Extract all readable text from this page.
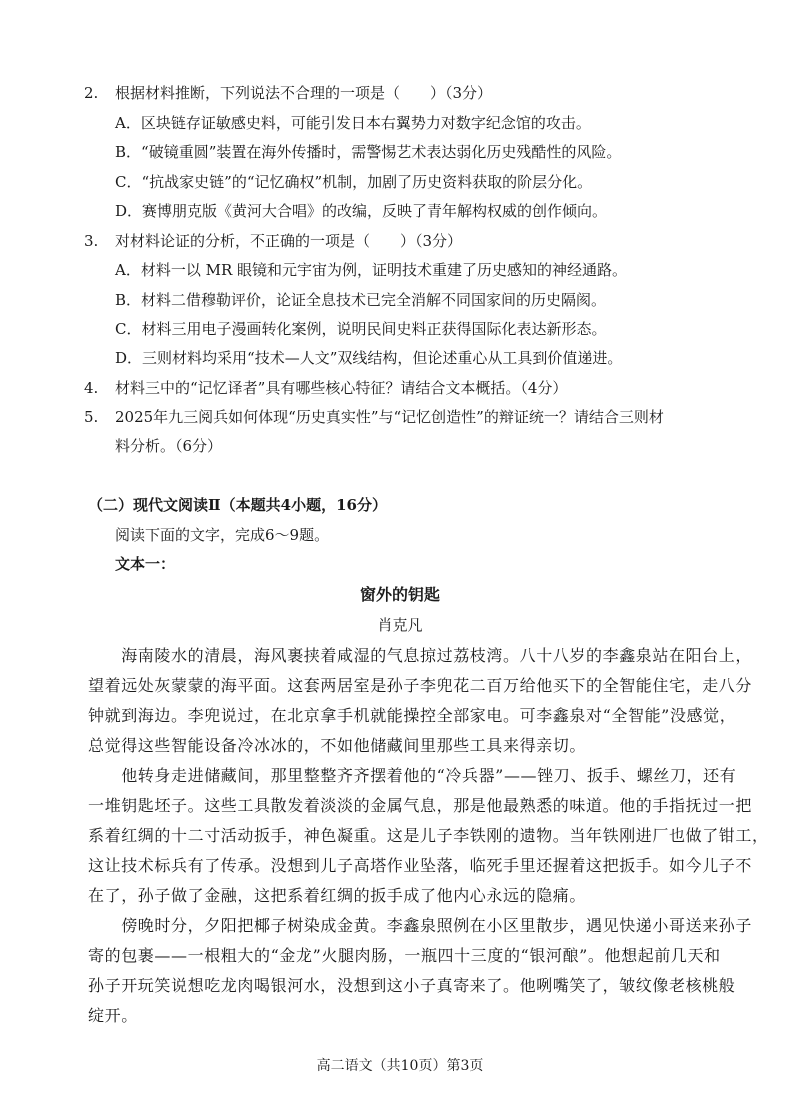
2. 根据材料推断，下列说法不合理的一项是（　　）（3分）
A．区块链存证敏感史料，可能引发日本右翼势力对数字纪念馆的攻击。
B．“破镜重圆”装置在海外传播时，需警惕艺术表达弱化历史残酷性的风险。
C．“抗战家史链”的“记忆确权”机制，加剧了历史资料获取的阶层分化。
D．赛博朋克版《黄河大合唱》的改编，反映了青年解构权威的创作倾向。
3. 对材料论证的分析，不正确的一项是（　　）（3分）
A．材料一以 MR 眼镜和元宇宙为例，证明技术重建了历史感知的神经通路。
B．材料二借穆勒评价，论证全息技术已完全消解不同国家间的历史隔阂。
C．材料三用电子漫画转化案例，说明民间史料正获得国际化表达新形态。
D．三则材料均采用“技术—人文”双线结构，但论述重心从工具到价值递进。
4. 材料三中的“记忆译者”具有哪些核心特征？请结合文本概括。（4分）
5. 2025年九三阅兵如何体现“历史真实性”与“记忆创造性”的辩证统一？请结合三则材
料分析。（6分）
（二）现代文阅读Ⅱ（本题共4小题，16分）
阅读下面的文字，完成6～9题。
文本一：
窗外的钥匙
肖克凡
　　海南陵水的清晨，海风裹挟着咸湿的气息掠过荔枝湾。八十八岁的李鑫泉站在阳台上，
望着远处灰蒙蒙的海平面。这套两居室是孙子李兜花二百万给他买下的全智能住宅，走八分
钟就到海边。李兜说过，在北京拿手机就能操控全部家电。可李鑫泉对“全智能”没感觉，
总觉得这些智能设备冷冰冰的，不如他储藏间里那些工具来得亲切。
　　他转身走进储藏间，那里整整齐齐摆着他的“冷兵器”——锉刀、扳手、螺丝刀，还有
一堆钥匙坯子。这些工具散发着淡淡的金属气息，那是他最熟悉的味道。他的手指抚过一把
系着红绸的十二寸活动扳手，神色凝重。这是儿子李铁刚的遗物。当年铁刚进厂也做了钳工，
这让技术标兵有了传承。没想到儿子高塔作业坠落，临死手里还握着这把扳手。如今儿子不
在了，孙子做了金融，这把系着红绸的扳手成了他内心永远的隐痛。
　　傍晚时分，夕阳把椰子树染成金黄。李鑫泉照例在小区里散步，遇见快递小哥送来孙子
寄的包裹——一根粗大的“金龙”火腿肉肠，一瓶四十三度的“银河酿”。他想起前几天和
孙子开玩笑说想吃龙肉喝银河水，没想到这小子真寄来了。他咧嘴笑了，皱纹像老核桃般
绽开。
高二语文（共10页）第3页
